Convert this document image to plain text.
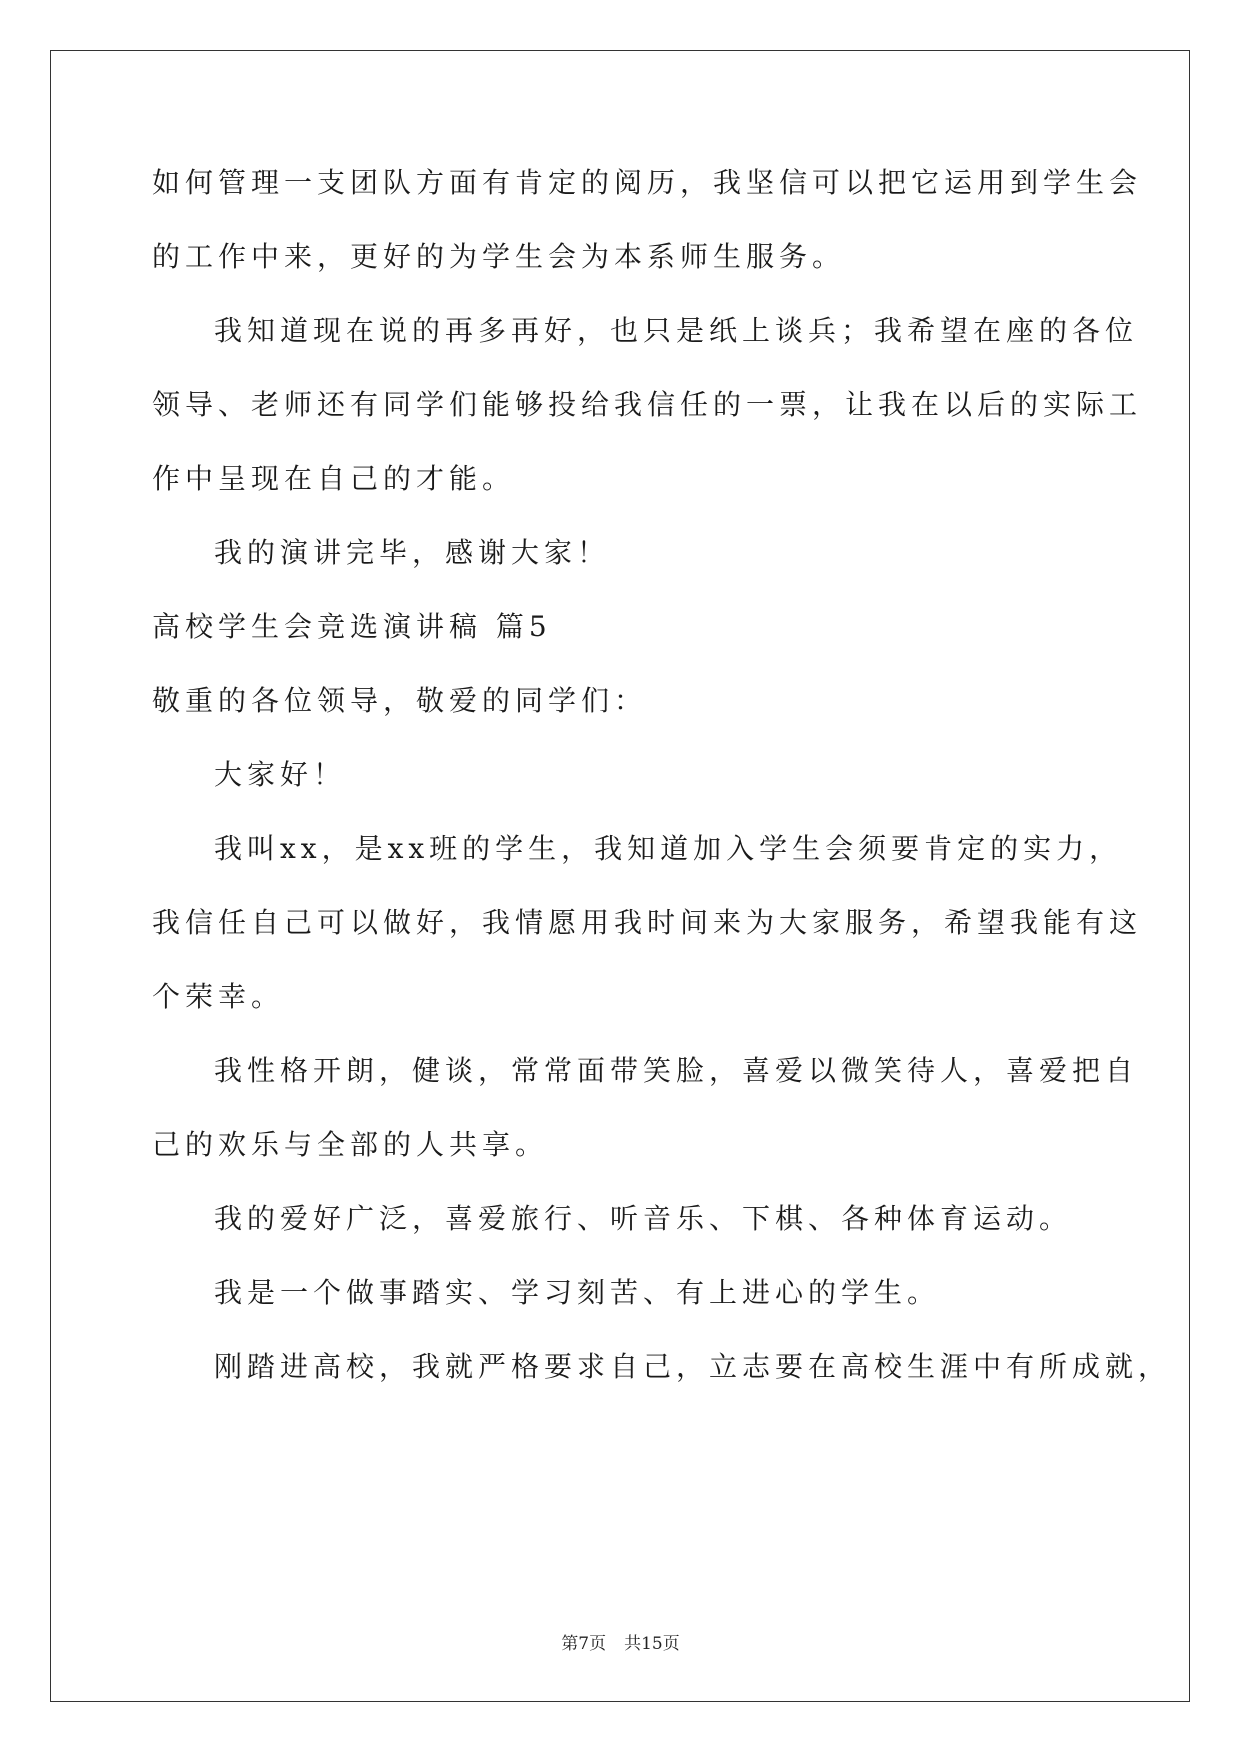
如何管理一支团队方面有肯定的阅历，我坚信可以把它运用到学生会
的工作中来，更好的为学生会为本系师生服务。
我知道现在说的再多再好，也只是纸上谈兵；我希望在座的各位
领导、老师还有同学们能够投给我信任的一票，让我在以后的实际工
作中呈现在自己的才能。
我的演讲完毕，感谢大家！
高校学生会竞选演讲稿 篇5
敬重的各位领导，敬爱的同学们：
大家好！
我叫xx，是xx班的学生，我知道加入学生会须要肯定的实力，
我信任自己可以做好，我情愿用我时间来为大家服务，希望我能有这
个荣幸。
我性格开朗，健谈，常常面带笑脸，喜爱以微笑待人，喜爱把自
己的欢乐与全部的人共享。
我的爱好广泛，喜爱旅行、听音乐、下棋、各种体育运动。
我是一个做事踏实、学习刻苦、有上进心的学生。
刚踏进高校，我就严格要求自己，立志要在高校生涯中有所成就，
第7页 共15页
